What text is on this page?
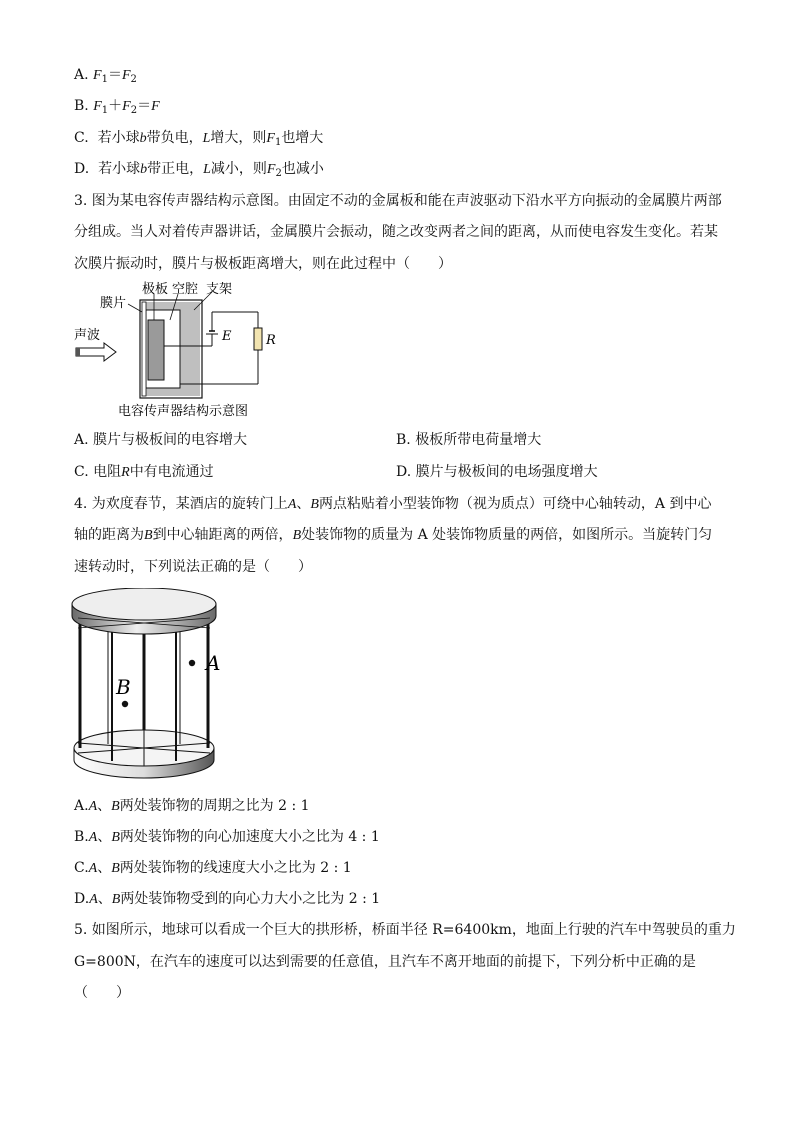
A. $F_1=F_2$
B. $F_1+F_2=F$
C. 若小球b带负电，L增大，则$F_1$也增大
D. 若小球b带正电，L减小，则$F_2$也减小
3. 图为某电容传声器结构示意图。由固定不动的金属板和能在声波驱动下沿水平方向振动的金属膜片两部
分组成。当人对着传声器讲话，金属膜片会振动，随之改变两者之间的距离，从而使电容发生变化。若某
次膜片振动时，膜片与极板距离增大，则在此过程中（　　）
膜片
极板 空腔 支架
声波	E	R
电容传声器结构示意图
A. 膜片与极板间的电容增大	B. 极板所带电荷量增大
C. 电阻R中有电流通过	D. 膜片与极板间的电场强度增大
4. 为欢度春节，某酒店的旋转门上A、B两点粘贴着小型装饰物（视为质点）可绕中心轴转动，A 到中心
轴的距离为B到中心轴距离的两倍，B处装饰物的质量为 A 处装饰物质量的两倍，如图所示。当旋转门匀
速转动时，下列说法正确的是（　　）
A
B
A.A、B两处装饰物的周期之比为 2 : 1
B.A、B两处装饰物的向心加速度大小之比为 4 : 1
C.A、B两处装饰物的线速度大小之比为 2 : 1
D.A、B两处装饰物受到的向心力大小之比为 2 : 1
5. 如图所示，地球可以看成一个巨大的拱形桥，桥面半径 R=6400km，地面上行驶的汽车中驾驶员的重力
G=800N，在汽车的速度可以达到需要的任意值，且汽车不离开地面的前提下，下列分析中正确的是
（　　）
